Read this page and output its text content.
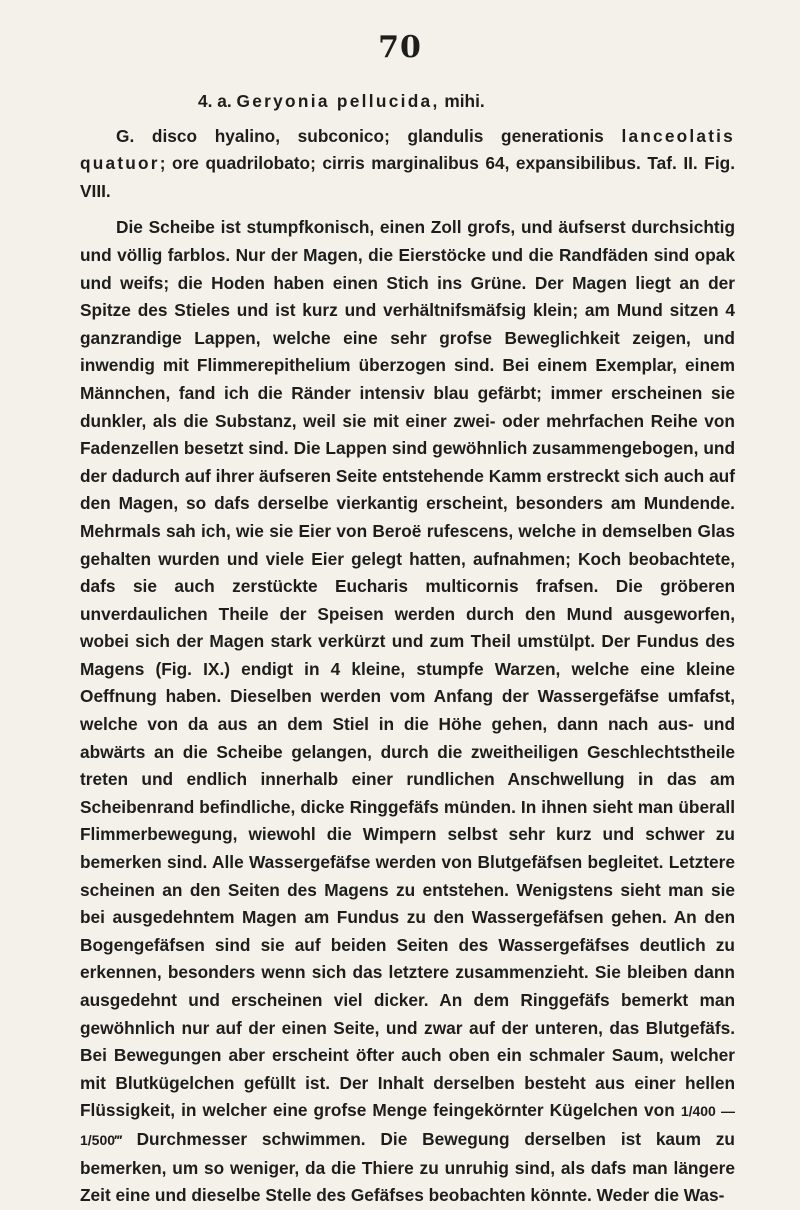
70
4. a. Geryonia pellucida, mihi.
G. disco hyalino, subconico; glandulis generationis lanceolatis quatuor; ore quadrilobato; cirris marginalibus 64, expansibilibus. Taf. II. Fig. VIII.
Die Scheibe ist stumpfkonisch, einen Zoll grofs, und äufserst durchsichtig und völlig farblos. Nur der Magen, die Eierstöcke und die Randfäden sind opak und weifs; die Hoden haben einen Stich ins Grüne. Der Magen liegt an der Spitze des Stieles und ist kurz und verhältnifsmäfsig klein; am Mund sitzen 4 ganzrandige Lappen, welche eine sehr grofse Beweglichkeit zeigen, und inwendig mit Flimmerepithelium überzogen sind. Bei einem Exemplar, einem Männchen, fand ich die Ränder intensiv blau gefärbt; immer erscheinen sie dunkler, als die Substanz, weil sie mit einer zwei- oder mehrfachen Reihe von Fadenzellen besetzt sind. Die Lappen sind gewöhnlich zusammengebogen, und der dadurch auf ihrer äufseren Seite entstehende Kamm erstreckt sich auch auf den Magen, so dafs derselbe vierkantig erscheint, besonders am Mundende. Mehrmals sah ich, wie sie Eier von Beroë rufescens, welche in demselben Glas gehalten wurden und viele Eier gelegt hatten, aufnahmen; Koch beobachtete, dafs sie auch zerstückte Eucharis multicornis frafsen. Die gröberen unverdaulichen Theile der Speisen werden durch den Mund ausgeworfen, wobei sich der Magen stark verkürzt und zum Theil umstülpt. Der Fundus des Magens (Fig. IX.) endigt in 4 kleine, stumpfe Warzen, welche eine kleine Oeffnung haben. Dieselben werden vom Anfang der Wassergefäfse umfafst, welche von da aus an dem Stiel in die Höhe gehen, dann nach aus- und abwärts an die Scheibe gelangen, durch die zweitheiligen Geschlechtstheile treten und endlich innerhalb einer rundlichen Anschwellung in das am Scheibenrand befindliche, dicke Ringgefäfs münden. In ihnen sieht man überall Flimmerbewegung, wiewohl die Wimpern selbst sehr kurz und schwer zu bemerken sind. Alle Wassergefäfse werden von Blutgefäfsen begleitet. Letztere scheinen an den Seiten des Magens zu entstehen. Wenigstens sieht man sie bei ausgedehntem Magen am Fundus zu den Wassergefäfsen gehen. An den Bogengefäfsen sind sie auf beiden Seiten des Wassergefäfses deutlich zu erkennen, besonders wenn sich das letztere zusammenzieht. Sie bleiben dann ausgedehnt und erscheinen viel dicker. An dem Ringgefäfs bemerkt man gewöhnlich nur auf der einen Seite, und zwar auf der unteren, das Blutgefäfs. Bei Bewegungen aber erscheint öfter auch oben ein schmaler Saum, welcher mit Blutkügelchen gefüllt ist. Der Inhalt derselben besteht aus einer hellen Flüssigkeit, in welcher eine grofse Menge feingekörnter Kügelchen von 1/400 — 1/500‴ Durchmesser schwimmen. Die Bewegung derselben ist kaum zu bemerken, um so weniger, da die Thiere zu unruhig sind, als dafs man längere Zeit eine und dieselbe Stelle des Gefäfses beobachten könnte. Weder die Was-
